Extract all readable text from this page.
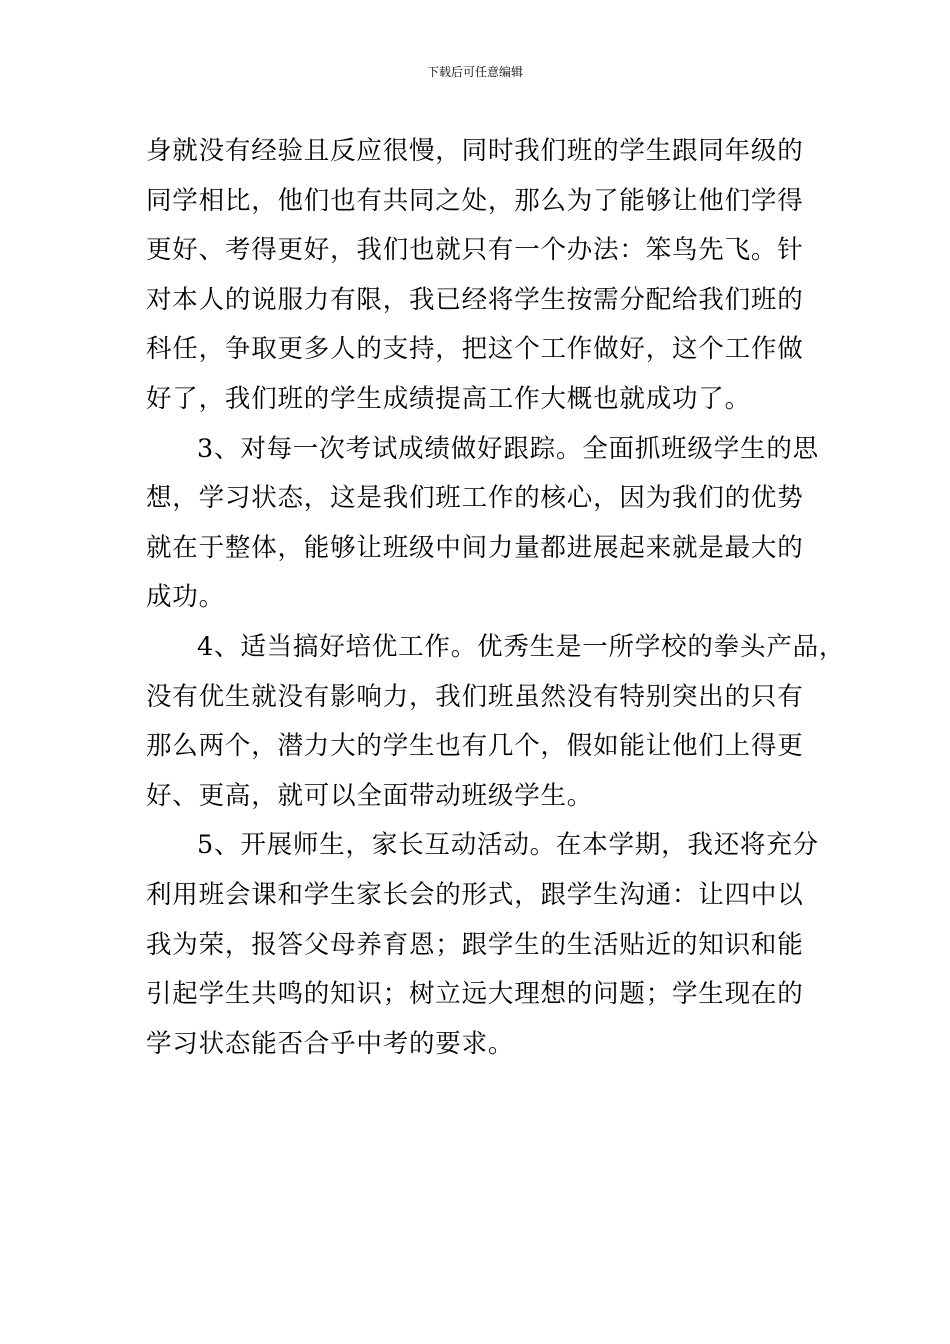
下载后可任意编辑
身就没有经验且反应很慢，同时我们班的学生跟同年级的
同学相比，他们也有共同之处，那么为了能够让他们学得
更好、考得更好，我们也就只有一个办法：笨鸟先飞。针
对本人的说服力有限，我已经将学生按需分配给我们班的
科任，争取更多人的支持，把这个工作做好，这个工作做
好了，我们班的学生成绩提高工作大概也就成功了。
3、对每一次考试成绩做好跟踪。全面抓班级学生的思
想，学习状态，这是我们班工作的核心，因为我们的优势
就在于整体，能够让班级中间力量都进展起来就是最大的
成功。
4、适当搞好培优工作。优秀生是一所学校的拳头产品，
没有优生就没有影响力，我们班虽然没有特别突出的只有
那么两个，潜力大的学生也有几个，假如能让他们上得更
好、更高，就可以全面带动班级学生。
5、开展师生，家长互动活动。在本学期，我还将充分
利用班会课和学生家长会的形式，跟学生沟通：让四中以
我为荣，报答父母养育恩；跟学生的生活贴近的知识和能
引起学生共鸣的知识；树立远大理想的问题；学生现在的
学习状态能否合乎中考的要求。
